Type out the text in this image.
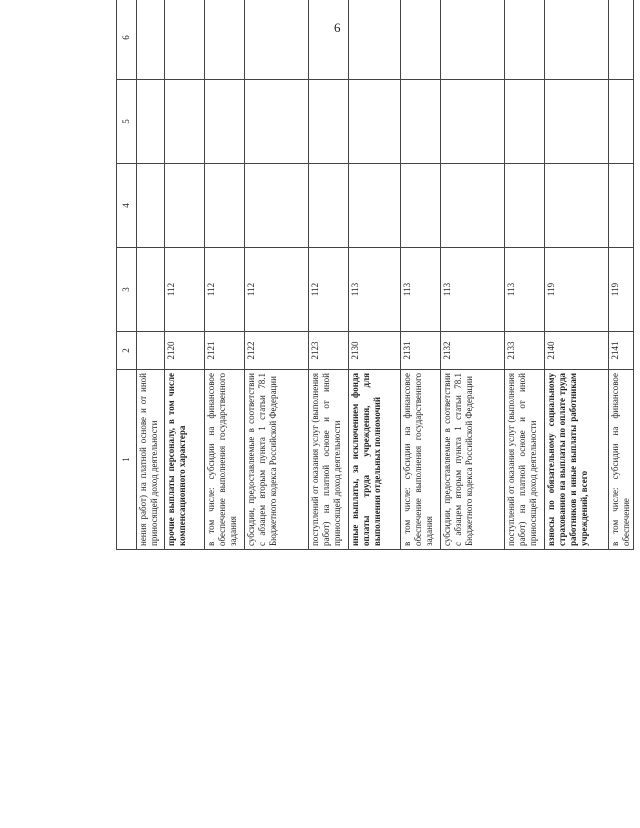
6
1	2	3	4	5	6		
нения работ) на платной основе и от иной приносящей доход деятельности							
прочие выплаты персоналу, в том числе компенсационного характера	2120	112					
в том числе: субсидии на финансовое обеспечение выполнения государственного задания	2121	112					
субсидии, предоставляемые в соответствии с абзацем вторым пункта 1 статьи 78.1 Бюджетного кодекса Российской Федерации	2122	112					
поступлений от оказания услуг (выполнения работ) на платной основе и от иной приносящей доход деятельности	2123	112					
иные выплаты, за исключением фонда оплаты труда учреждения, для выполнения отдельных полномочий	2130	113					
в том числе: субсидии на финансовое обеспечение выполнения государственного задания	2131	113					
субсидии, предоставляемые в соответствии с абзацем вторым пункта 1 статьи 78.1 Бюджетного кодекса Российской Федерации	2132	113					
поступлений от оказания услуг (выполнения работ) на платной основе и от иной приносящей доход деятельности	2133	113					
взносы по обязательному социальному страхованию на выплаты по оплате труда работников и иные выплаты работникам учреждений, всего	2140	119					
в том числе: субсидии на финансовое обеспечение	2141	119					
